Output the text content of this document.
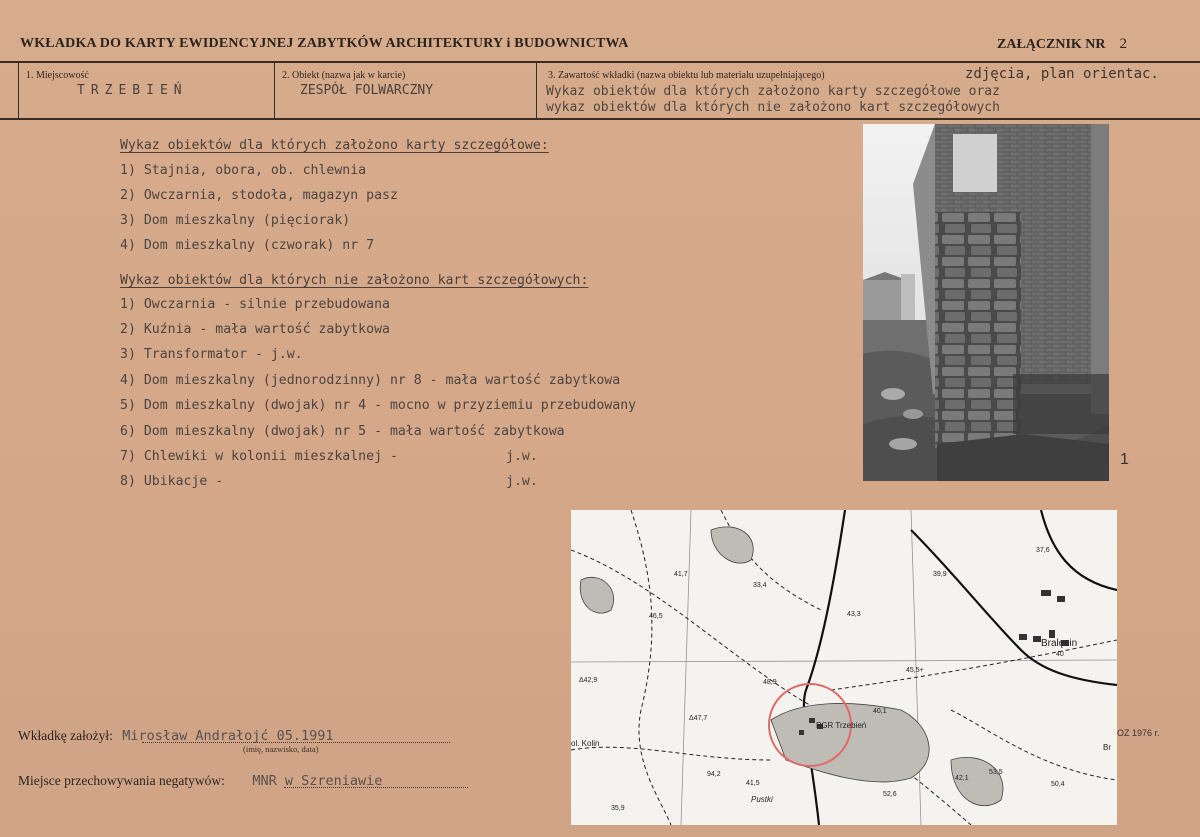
WKŁADKA DO KARTY EWIDENCYJNEJ ZABYTKÓW ARCHITEKTURY i BUDOWNICTWA	ZAŁĄCZNIK NR 2
1. Miejscowość
TRZEBIEŃ
2. Obiekt (nazwa jak w karcie)
ZESPÓŁ FOLWARCZNY
3. Zawartość wkładki (nazwa obiektu lub materiału uzupełniającego)	zdjęcia, plan orientac.
Wykaz obiektów dla których założono karty szczegółowe oraz
wykaz obiektów dla których nie założono kart szczegółowych
Wykaz obiektów dla których założono karty szczegółowe:
1) Stajnia, obora, ob. chlewnia
2) Owczarnia, stodoła, magazyn pasz
3) Dom mieszkalny (pięciorak)
4) Dom mieszkalny (czworak) nr 7
Wykaz obiektów dla których nie założono kart szczegółowych:
1) Owczarnia - silnie przebudowana
2) Kuźnia - mała wartość zabytkowa
3) Transformator - j.w.
4) Dom mieszkalny (jednorodzinny) nr 8 - mała wartość zabytkowa
5) Dom mieszkalny (dwojak) nr 4 - mocno w przyziemiu przebudowany
6) Dom mieszkalny (dwojak) nr 5 - mała wartość zabytkowa
7) Chlewiki w kolonii mieszkalnej -	j.w.
8) Ubikacje -	j.w.
1
Bralęcin
PGR Trzebień
ol. Kolin
Pustki
41,7
46,5
33,4
43,3
39,9
37,6
Δ42,9
Δ47,7
48,9
45,5+
40,1
40
52,6
53,5
50,4
35,9
94,2
41,5
42,1
Br
OZ 1976 r.
Wkładkę założył: Mirosław Andrałojć 05.1991
(imię, nazwisko, data)
Miejsce przechowywania negatywów: MNR w Szreniawie
